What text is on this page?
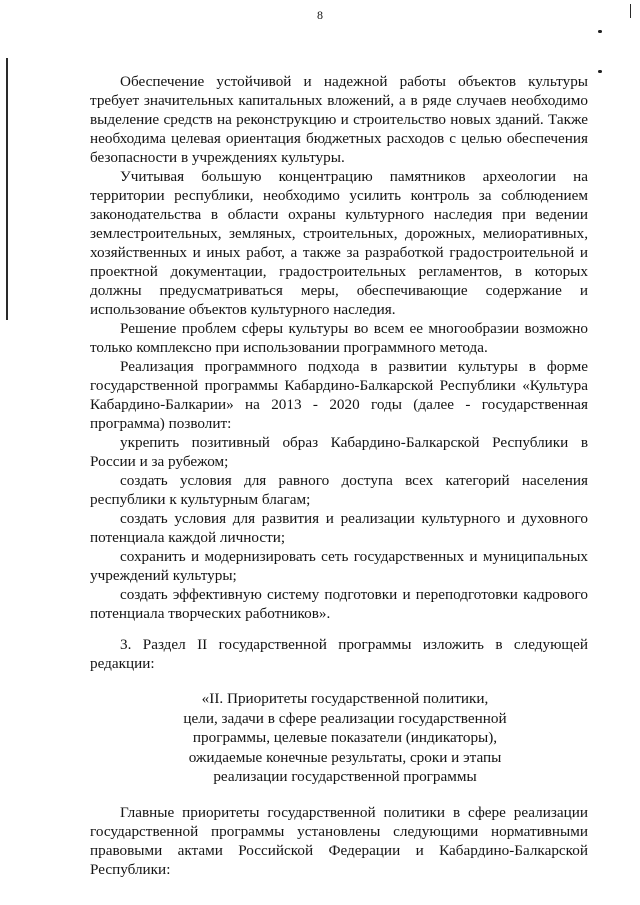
8

Обеспечение устойчивой и надежной работы объектов культуры требует значительных капитальных вложений, а в ряде случаев необходимо выделение средств на реконструкцию и строительство новых зданий. Также необходима целевая ориентация бюджетных расходов с целью обеспечения безопасности в учреждениях культуры.

Учитывая большую концентрацию памятников археологии на территории республики, необходимо усилить контроль за соблюдением законодательства в области охраны культурного наследия при ведении землестроительных, земляных, строительных, дорожных, мелиоративных, хозяйственных и иных работ, а также за разработкой градостроительной и проектной документации, градостроительных регламентов, в которых должны предусматриваться меры, обеспечивающие содержание и использование объектов культурного наследия.

Решение проблем сферы культуры во всем ее многообразии возможно только комплексно при использовании программного метода.

Реализация программного подхода в развитии культуры в форме государственной программы Кабардино-Балкарской Республики «Культура Кабардино-Балкарии» на 2013 - 2020 годы (далее - государственная программа) позволит:

укрепить позитивный образ Кабардино-Балкарской Республики в России и за рубежом;

создать условия для равного доступа всех категорий населения республики к культурным благам;

создать условия для развития и реализации культурного и духовного потенциала каждой личности;

сохранить и модернизировать сеть государственных и муниципальных учреждений культуры;

создать эффективную систему подготовки и переподготовки кадрового потенциала творческих работников».

3. Раздел II государственной программы изложить в следующей редакции:

«II. Приоритеты государственной политики,

цели, задачи в сфере реализации государственной

программы, целевые показатели (индикаторы),

ожидаемые конечные результаты, сроки и этапы

реализации государственной программы

Главные приоритеты государственной политики в сфере реализации государственной программы установлены следующими нормативными правовыми актами Российской Федерации и Кабардино-Балкарской Республики:
